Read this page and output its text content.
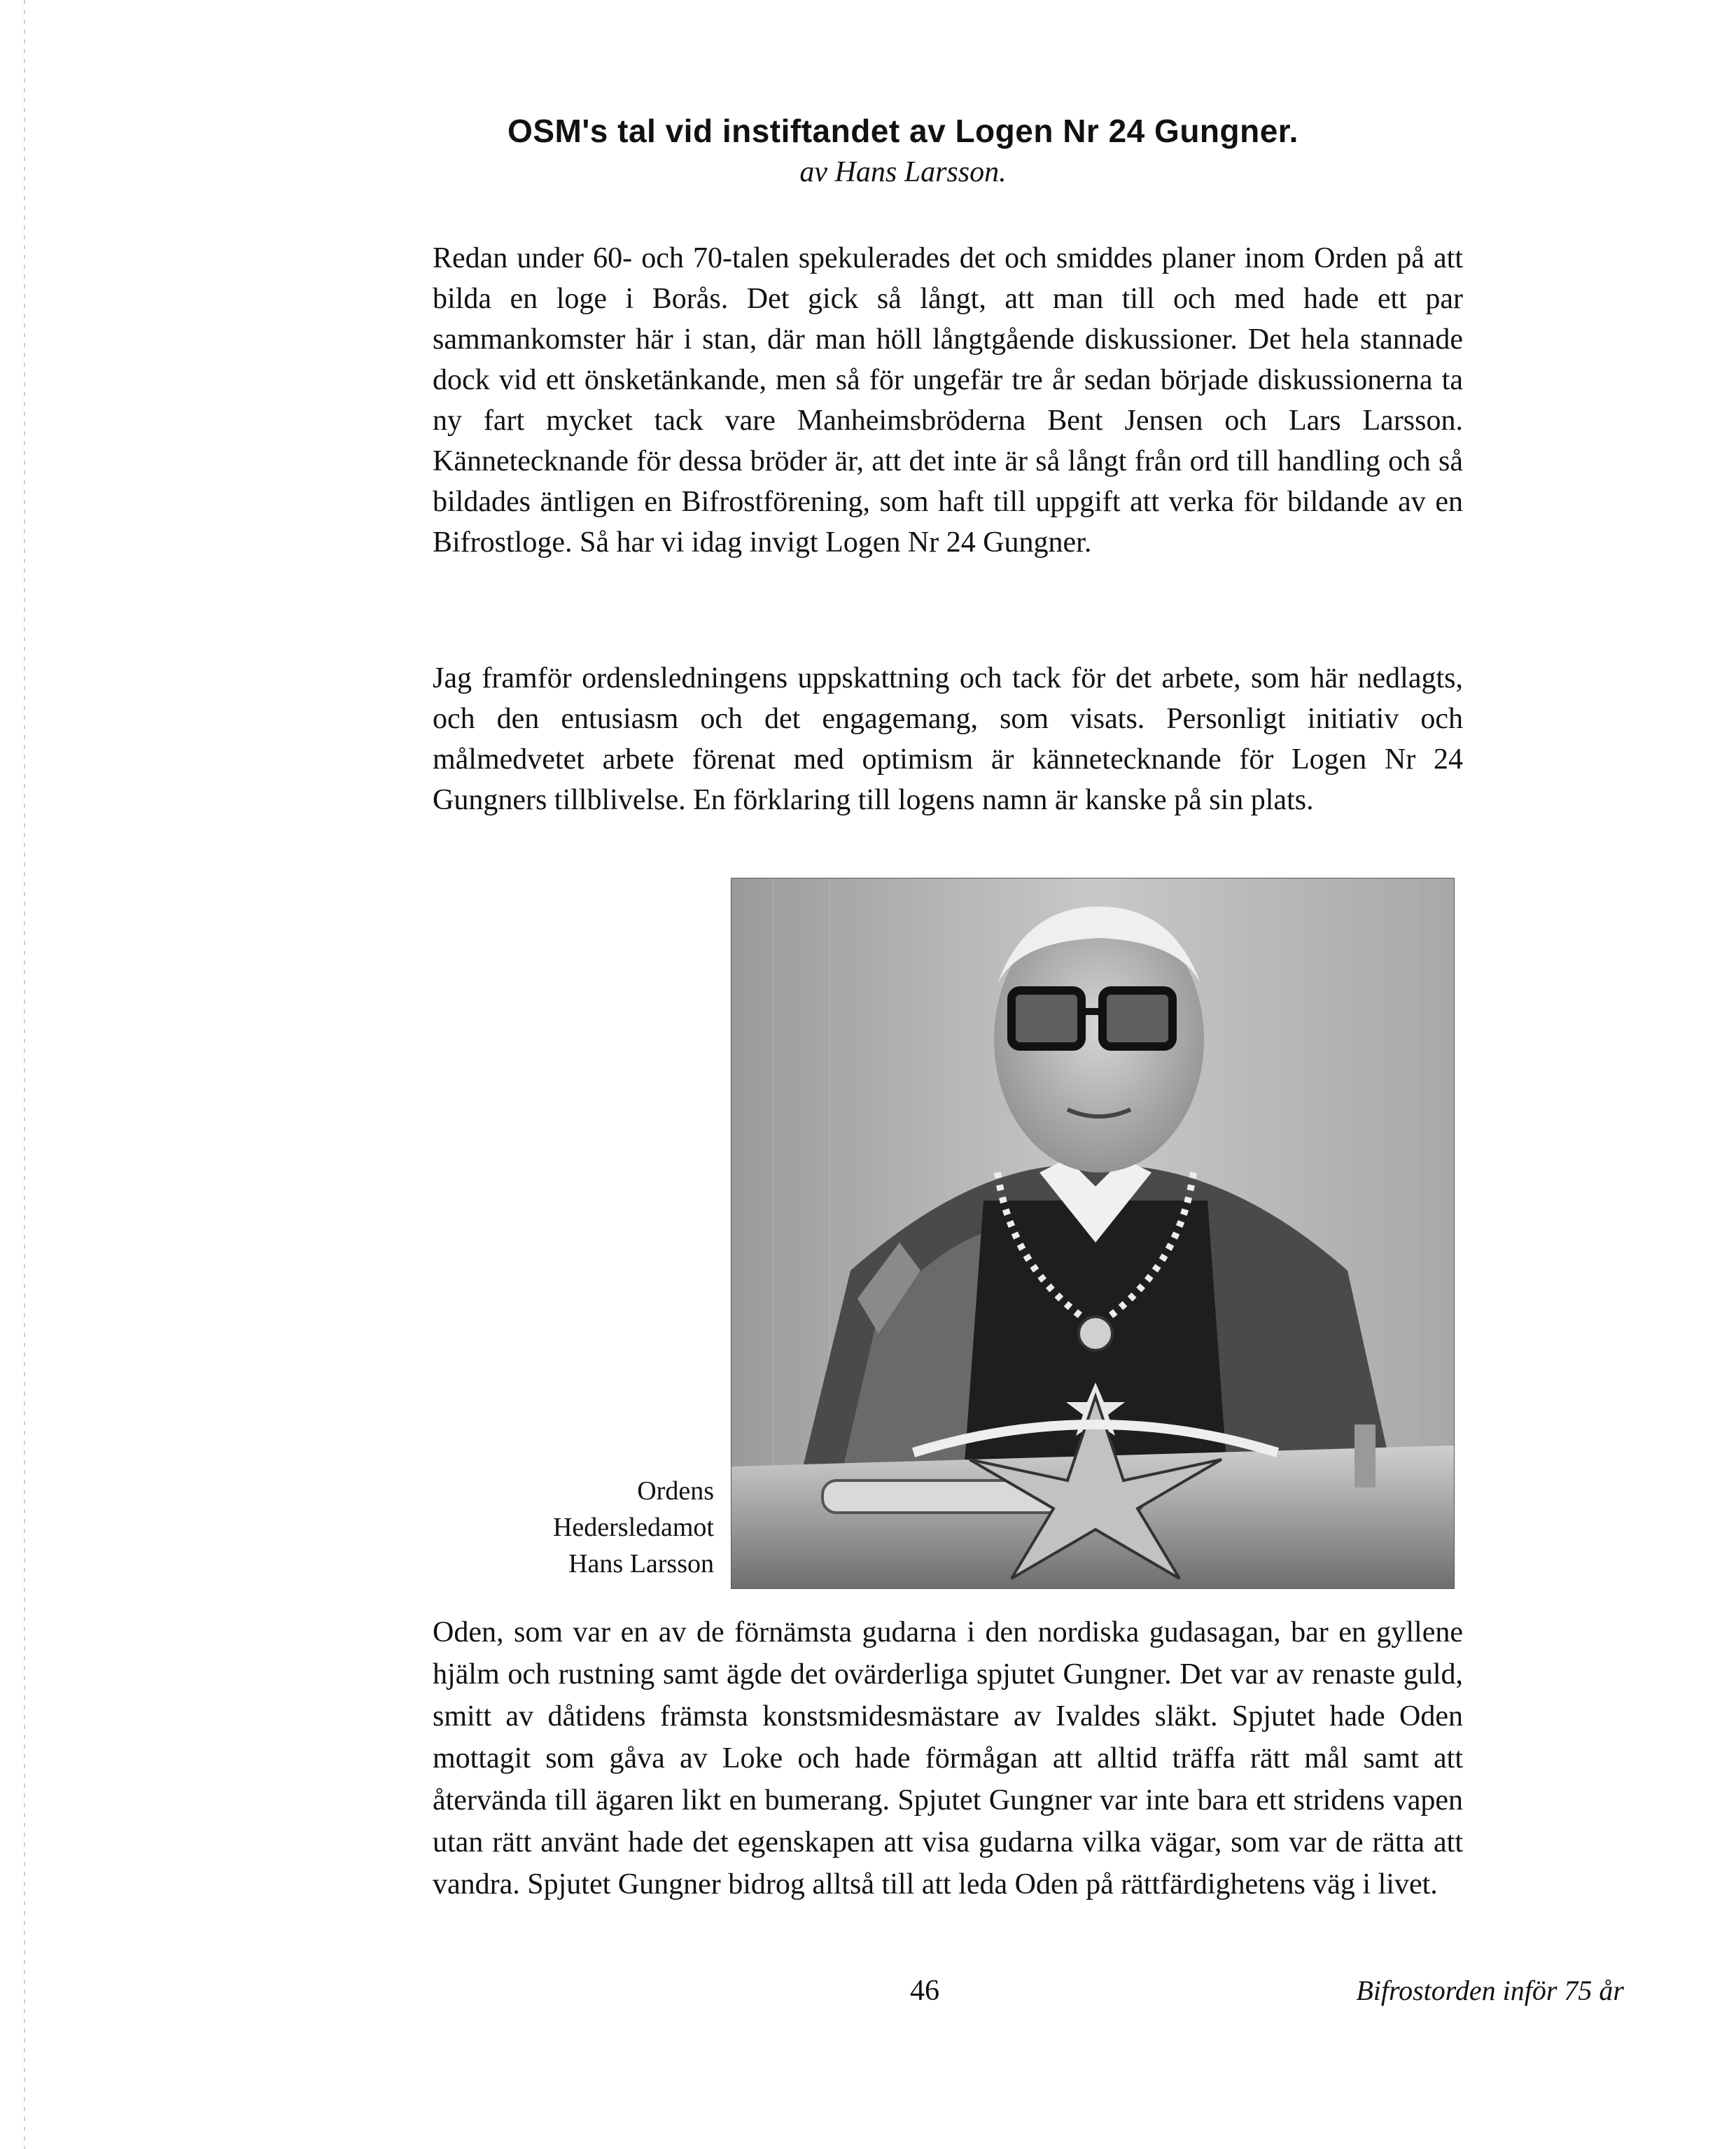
OSM's tal vid instiftandet av Logen Nr 24 Gungner.
av Hans Larsson.

Redan under 60- och 70-talen spekulerades det och smiddes planer inom Orden på att bilda en loge i Borås. Det gick så långt, att man till och med hade ett par sammankomster här i stan, där man höll långtgående diskussioner. Det hela stannade dock vid ett önsketänkande, men så för ungefär tre år sedan började diskussionerna ta ny fart mycket tack vare Manheimsbröderna Bent Jensen och Lars Larsson. Kännetecknande för dessa bröder är, att det inte är så långt från ord till handling och så bildades äntligen en Bifrostförening, som haft till uppgift att verka för bildande av en Bifrostloge. Så har vi idag invigt Logen Nr 24 Gungner.

Jag framför ordensledningens uppskattning och tack för det arbete, som här nedlagts, och den entusiasm och det engagemang, som visats. Personligt initiativ och målmedvetet arbete förenat med optimism är kännetecknande för Logen Nr 24 Gungners tillblivelse. En förklaring till logens namn är kanske på sin plats.

Ordens
Hedersledamot
Hans Larsson

Oden, som var en av de förnämsta gudarna i den nordiska gudasagan, bar en gyllene hjälm och rustning samt ägde det ovärderliga spjutet Gungner. Det var av renaste guld, smitt av dåtidens främsta konstsmidesmästare av Ivaldes släkt. Spjutet hade Oden mottagit som gåva av Loke och hade förmågan att alltid träffa rätt mål samt att återvända till ägaren likt en bumerang. Spjutet Gungner var inte bara ett stridens vapen utan rätt använt hade det egenskapen att visa gudarna vilka vägar, som var de rätta att vandra. Spjutet Gungner bidrog alltså till att leda Oden på rättfärdighetens väg i livet.

46	Bifrostorden inför 75 år
